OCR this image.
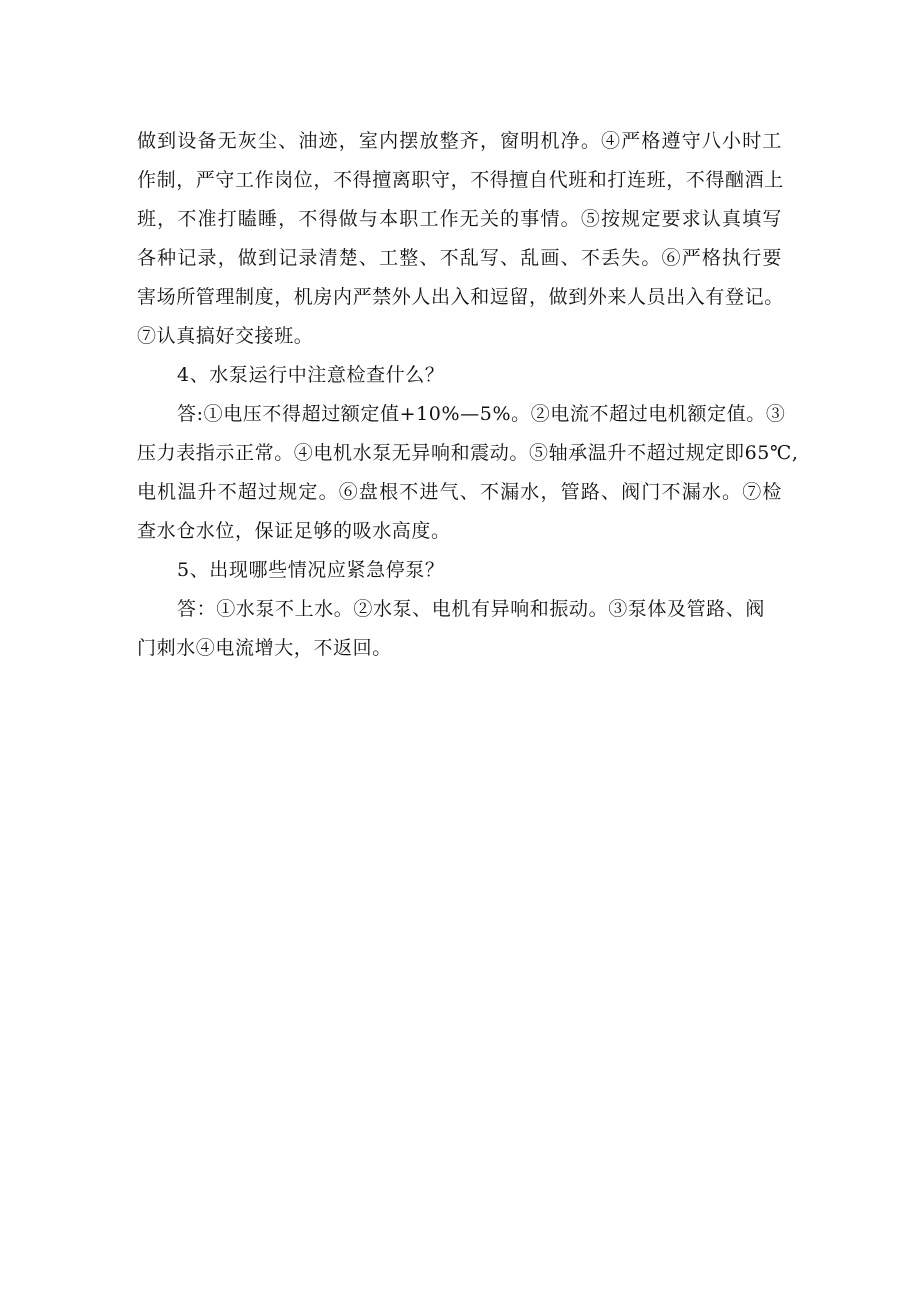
做到设备无灰尘、油迹，室内摆放整齐，窗明机净。④严格遵守八小时工

作制，严守工作岗位，不得擅离职守，不得擅自代班和打连班，不得酗酒上

班，不准打瞌睡，不得做与本职工作无关的事情。⑤按规定要求认真填写

各种记录，做到记录清楚、工整、不乱写、乱画、不丢失。⑥严格执行要

害场所管理制度，机房内严禁外人出入和逗留，做到外来人员出入有登记。

⑦认真搞好交接班。

4、水泵运行中注意检查什么？

答:①电压不得超过额定值+10%—5%。②电流不超过电机额定值。③

压力表指示正常。④电机水泵无异响和震动。⑤轴承温升不超过规定即65℃,

电机温升不超过规定。⑥盘根不进气、不漏水，管路、阀门不漏水。⑦检

查水仓水位，保证足够的吸水高度。

5、出现哪些情况应紧急停泵？

答：①水泵不上水。②水泵、电机有异响和振动。③泵体及管路、阀

门刺水④电流增大，不返回。
